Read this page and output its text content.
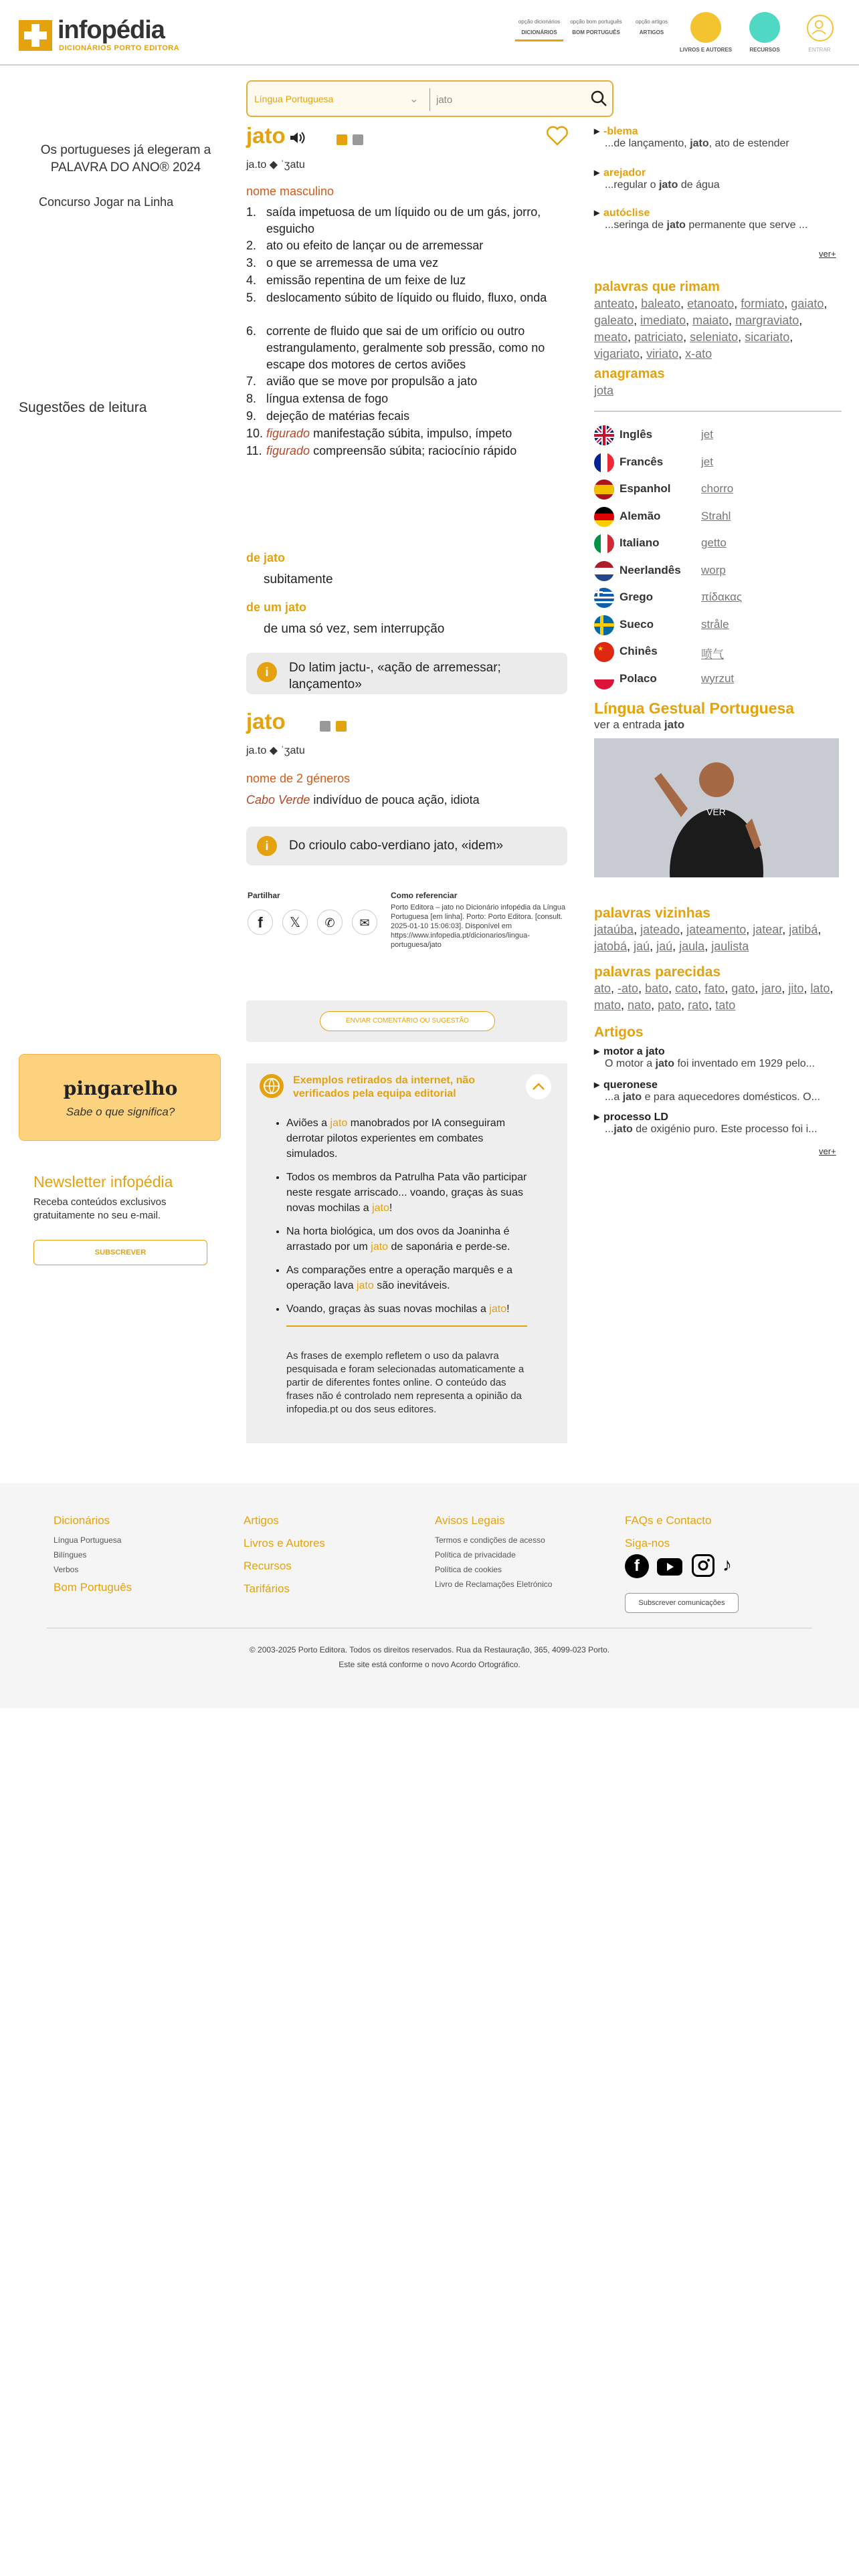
infopédia
DICIONÁRIOS PORTO EDITORA
opção dicionários
DICIONÁRIOS
opção bom português
BOM PORTUGUÊS
opção artigos
ARTIGOS
LIVROS E AUTORES	RECURSOS	ENTRAR
Língua Portuguesa	⌄
jato
Os portugueses já elegeram a PALAVRA DO ANO® 2024
Concurso Jogar na Linha
Sugestões de leitura
pingarelho
Sabe o que significa?
Newsletter infopédia
Receba conteúdos exclusivos gratuitamente no seu e-mail.
SUBSCREVER
jato
ja.to ◆ ˈʒatu
nome masculino
1. saída impetuosa de um líquido ou de um gás, jorro, esguicho
2. ato ou efeito de lançar ou de arremessar
3. o que se arremessa de uma vez
4. emissão repentina de um feixe de luz
5. deslocamento súbito de líquido ou fluido, fluxo, onda
6. corrente de fluido que sai de um orifício ou outro estrangulamento, geralmente sob pressão, como no escape dos motores de certos aviões
7. avião que se move por propulsão a jato
8. língua extensa de fogo
9. dejeção de matérias fecais
10. figurado manifestação súbita, impulso, ímpeto
11. figurado compreensão súbita; raciocínio rápido
de jato
subitamente
de um jato
de uma só vez, sem interrupção
i	Do latim jactu-, «ação de arremessar; lançamento»
jato
ja.to ◆ ˈʒatu
nome de 2 géneros
Cabo Verde indivíduo de pouca ação, idiota
i	Do crioulo cabo-verdiano jato, «idem»
Partilhar
f	𝕏	✆	✉
Como referenciar
Porto Editora – jato no Dicionário infopédia da Língua Portuguesa [em linha]. Porto: Porto Editora. [consult. 2025-01-10 15:06:03]. Disponível em https://www.infopedia.pt/dicionarios/lingua-portuguesa/jato
ENVIAR COMENTÁRIO OU SUGESTÃO
Exemplos retirados da internet, não verificados pela equipa editorial
• Aviões a jato manobrados por IA conseguiram derrotar pilotos experientes em combates simulados.
• Todos os membros da Patrulha Pata vão participar neste resgate arriscado... voando, graças às suas novas mochilas a jato!
• Na horta biológica, um dos ovos da Joaninha é arrastado por um jato de saponária e perde-se.
• As comparações entre a operação marquês e a operação lava jato são inevitáveis.
• Voando, graças às suas novas mochilas a jato!
As frases de exemplo refletem o uso da palavra pesquisada e foram selecionadas automaticamente a partir de diferentes fontes online. O conteúdo das frases não é controlado nem representa a opinião da infopedia.pt ou dos seus editores.
▸ -blema
...de lançamento, jato, ato de estender
▸ arejador
...regular o jato de água
▸ autóclise
...seringa de jato permanente que serve ...
ver+
palavras que rimam
anteato, baleato, etanoato, formiato, gaiato, galeato, imediato, maiato, margraviato, meato, patriciato, seleniato, sicariato, vigariato, viriato, x-ato
anagramas
jota
Inglês	jet
Francês	jet
Espanhol	chorro
Alemão	Strahl
Italiano	getto
Neerlandês worp
Grego	πίδακας
Sueco	stråle
★ Chinês	喷气
Polaco	wyrzut
Língua Gestual Portuguesa
ver a entrada jato
VER
palavras vizinhas
jataúba, jateado, jateamento, jatear, jatibá, jatobá, jaú, jaú, jaula, jaulista
palavras parecidas
ato, -ato, bato, cato, fato, gato, jaro, jito, lato, mato, nato, pato, rato, tato
Artigos
▸ motor a jato
O motor a jato foi inventado em 1929 pelo...
▸ queronese
...a jato e para aquecedores domésticos. O...
▸ processo LD
...jato de oxigénio puro. Este processo foi i...
ver+
Dicionários
Língua Portuguesa
Bilíngues
Verbos
Bom Português
Artigos
Livros e Autores
Recursos
Tarifários
Avisos Legais
Termos e condições de acesso
Política de privacidade
Política de cookies
Livro de Reclamações Eletrónico
FAQs e Contacto
Siga-nos
f	♪
Subscrever comunicações
© 2003-2025 Porto Editora. Todos os direitos reservados. Rua da Restauração, 365, 4099-023 Porto.
Este site está conforme o novo Acordo Ortográfico.
